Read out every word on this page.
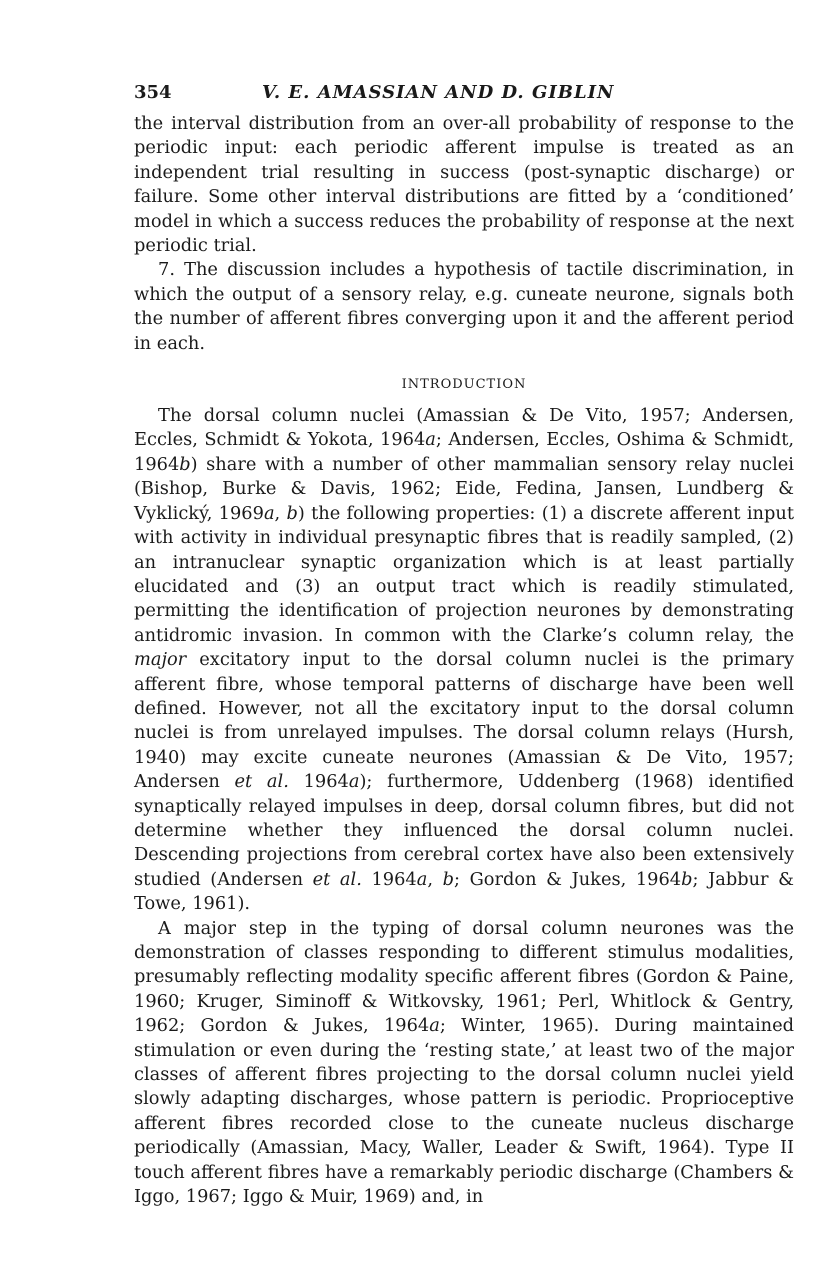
354	V. E. AMASSIAN AND D. GIBLIN

the interval distribution from an over-all probability of response to the periodic input: each periodic afferent impulse is treated as an independent trial resulting in success (post-synaptic discharge) or failure. Some other interval distributions are fitted by a ‘conditioned’ model in which a success reduces the probability of response at the next periodic trial.

7. The discussion includes a hypothesis of tactile discrimination, in which the output of a sensory relay, e.g. cuneate neurone, signals both the number of afferent fibres converging upon it and the afferent period in each.

INTRODUCTION

The dorsal column nuclei (Amassian & De Vito, 1957; Andersen, Eccles, Schmidt & Yokota, 1964a; Andersen, Eccles, Oshima & Schmidt, 1964b) share with a number of other mammalian sensory relay nuclei (Bishop, Burke & Davis, 1962; Eide, Fedina, Jansen, Lundberg & Vyklický, 1969a, b) the following properties: (1) a discrete afferent input with activity in individual presynaptic fibres that is readily sampled, (2) an intranuclear synaptic organization which is at least partially elucidated and (3) an output tract which is readily stimulated, permitting the identification of projection neurones by demonstrating antidromic invasion. In common with the Clarke’s column relay, the major excitatory input to the dorsal column nuclei is the primary afferent fibre, whose temporal patterns of discharge have been well defined. However, not all the excitatory input to the dorsal column nuclei is from unrelayed impulses. The dorsal column relays (Hursh, 1940) may excite cuneate neurones (Amassian & De Vito, 1957; Andersen et al. 1964a); furthermore, Uddenberg (1968) identified synaptically relayed impulses in deep, dorsal column fibres, but did not determine whether they influenced the dorsal column nuclei. Descending projections from cerebral cortex have also been extensively studied (Andersen et al. 1964a, b; Gordon & Jukes, 1964b; Jabbur & Towe, 1961).

A major step in the typing of dorsal column neurones was the demonstration of classes responding to different stimulus modalities, presumably reflecting modality specific afferent fibres (Gordon & Paine, 1960; Kruger, Siminoff & Witkovsky, 1961; Perl, Whitlock & Gentry, 1962; Gordon & Jukes, 1964a; Winter, 1965). During maintained stimulation or even during the ‘resting state,’ at least two of the major classes of afferent fibres projecting to the dorsal column nuclei yield slowly adapting discharges, whose pattern is periodic. Proprioceptive afferent fibres recorded close to the cuneate nucleus discharge periodically (Amassian, Macy, Waller, Leader & Swift, 1964). Type II touch afferent fibres have a remarkably periodic discharge (Chambers & Iggo, 1967; Iggo & Muir, 1969) and, in
